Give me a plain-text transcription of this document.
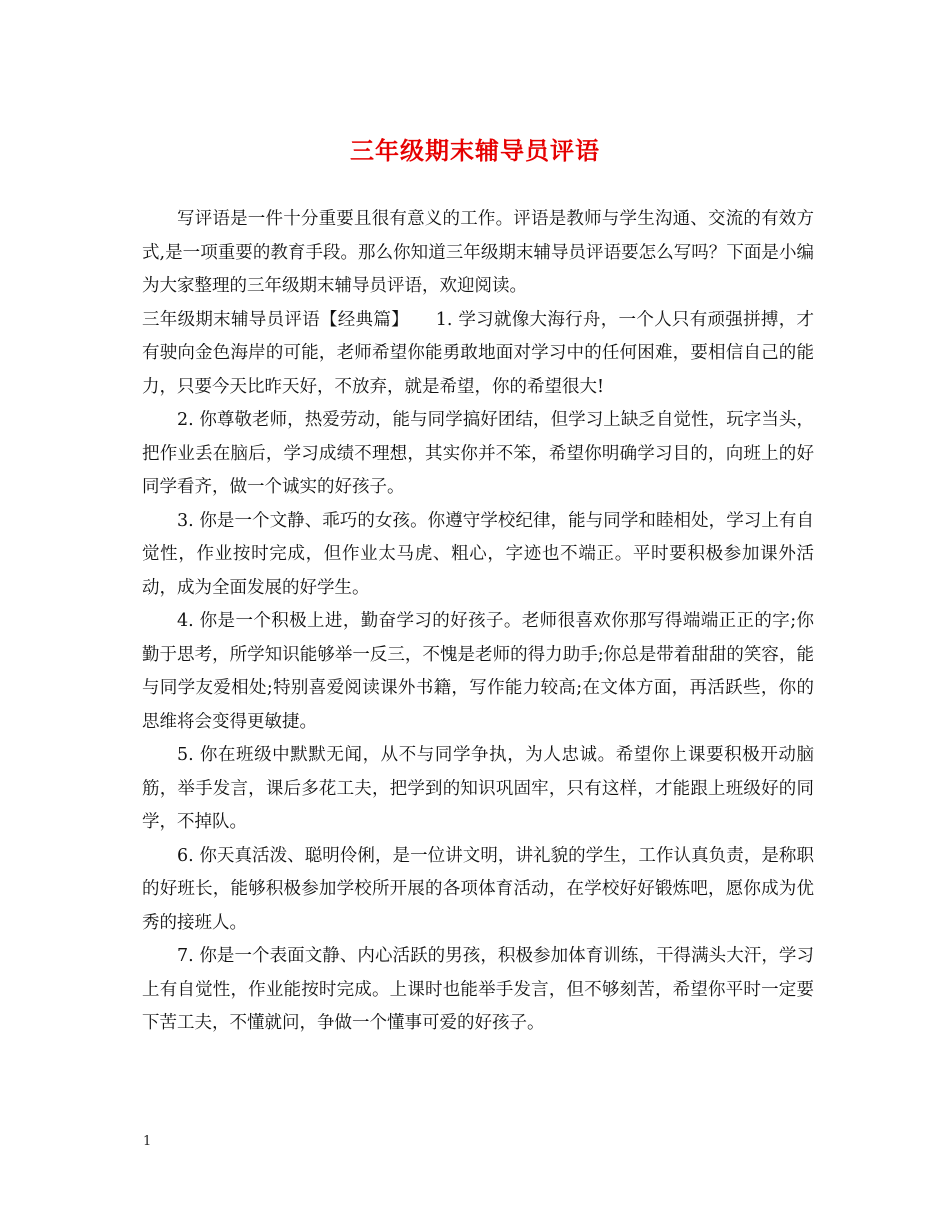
三年级期末辅导员评语

写评语是一件十分重要且很有意义的工作。评语是教师与学生沟通、交流的有效方式,是一项重要的教育手段。那么你知道三年级期末辅导员评语要怎么写吗？下面是小编为大家整理的三年级期末辅导员评语，欢迎阅读。

三年级期末辅导员评语【经典篇】　　1. 学习就像大海行舟，一个人只有顽强拼搏，才有驶向金色海岸的可能，老师希望你能勇敢地面对学习中的任何困难，要相信自己的能力，只要今天比昨天好，不放弃，就是希望，你的希望很大!

2. 你尊敬老师，热爱劳动，能与同学搞好团结，但学习上缺乏自觉性，玩字当头，把作业丢在脑后，学习成绩不理想，其实你并不笨，希望你明确学习目的，向班上的好同学看齐，做一个诚实的好孩子。

3. 你是一个文静、乖巧的女孩。你遵守学校纪律，能与同学和睦相处，学习上有自觉性，作业按时完成，但作业太马虎、粗心，字迹也不端正。平时要积极参加课外活动，成为全面发展的好学生。

4. 你是一个积极上进，勤奋学习的好孩子。老师很喜欢你那写得端端正正的字;你勤于思考，所学知识能够举一反三，不愧是老师的得力助手;你总是带着甜甜的笑容，能与同学友爱相处;特别喜爱阅读课外书籍，写作能力较高;在文体方面，再活跃些，你的思维将会变得更敏捷。

5. 你在班级中默默无闻，从不与同学争执，为人忠诚。希望你上课要积极开动脑筋，举手发言，课后多花工夫，把学到的知识巩固牢，只有这样，才能跟上班级好的同学，不掉队。

6. 你天真活泼、聪明伶俐，是一位讲文明，讲礼貌的学生，工作认真负责，是称职的好班长，能够积极参加学校所开展的各项体育活动，在学校好好锻炼吧，愿你成为优秀的接班人。

7. 你是一个表面文静、内心活跃的男孩，积极参加体育训练，干得满头大汗，学习上有自觉性，作业能按时完成。上课时也能举手发言，但不够刻苦，希望你平时一定要下苦工夫，不懂就问，争做一个懂事可爱的好孩子。

1
